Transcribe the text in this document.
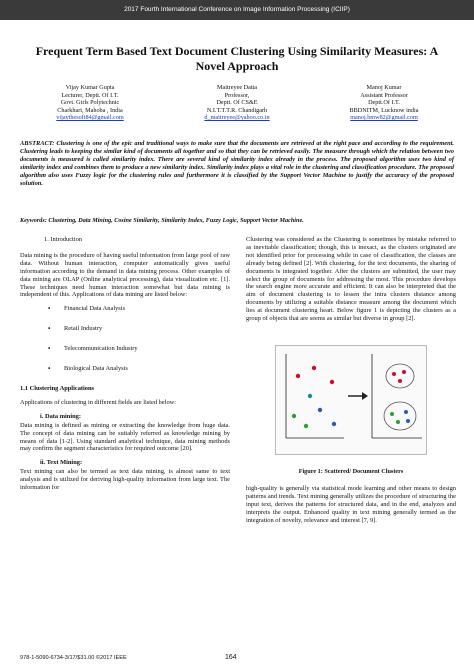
2017 Fourth International Conference on Image Information Processing (ICIIP)
Frequent Term Based Text Document Clustering Using Similarity Measures: A Novel Approach
Vijay Kumar Gupta
Lecturer, Deptt. Of I.T.
Govt. Girls Polytechnic
Charkhari, Mahoba , India
vijaythesoft84@gmail.com
Maitreyee Datta
Professor,
Deptt. Of CS&E
N.I.T.T.T.R. Chandigarh
d_maitreyee@yahoo.co.in
Manoj Kumar
Assistant Professor
Deptt.Of I.T.
BBDNITM, Lucknow india
manoj.bmw82@gmail.com
ABSTRACT: Clustering is one of the epic and traditional ways to make sure that the documents are retrieved at the right pace and according to the requirement. Clustering leads to keeping the similar kind of documents all together and so that they can be retrieved easily. The measure through which the relation between two documents is measured is called similarity index. There are several kind of similarity index already in the process. The proposed algorithm uses two kind of similarity index and combines them to produce a new similarity index. Similarity index plays a vital role in the clustering and classification procedure. The proposed algorithm also uses Fuzzy logic for the clustering rules and furthermore it is classified by the Support Vector Machine to justify the accuracy of the proposed solution.
Keywords: Clustering, Data Mining, Cosine Similarity, Similarity Index, Fuzzy Logic, Support Vector Machine.
1. Introduction

Data mining is the procedure of having useful information from large pool of raw data. Without human interaction, computer automatically gives useful information according to the demand in data mining process. Other examples of data mining are OLAP (Online analytical processing), data visualization etc. [1]. These techniques need human interaction somewhat but data mining is independent of this. Applications of data mining are listed below:

▪ Financial Data Analysis
▪ Retail Industry
▪ Telecommunication Industry
▪ Biological Data Analysis
1.1 Clustering Applications

Applications of clustering in different fields are listed below:

i. Data mining:

Data mining is defined as mining or extracting the knowledge from huge data. The concept of data mining can be suitably referred as knowledge mining by means of data [1-2]. Using standard analytical technique, data mining methods may confirm the segment characteristics for required outcome [20].

ii. Text Mining:

Text mining can also be termed as text data mining, is almost same to text analysis and is utilized for deriving high-quality information from large text. The information for

Clustering was considered as the Clustering is sometimes by mistake referred to as inevitable classification; though, this is inexact, as the clusters originated are not identified prior for processing while in case of classification, the classes are already being defined [2]. With clustering, for the text documents, the sharing of documents is integrated together. After the clusters are submitted, the user may select the group of documents for addressing the most. This procedure develops the search engine more accurate and efficient. It can also be interpreted that the aim of document clustering is to lessen the intra clusters distance among documents by utilizing a suitable distance measure among the document which lies at document clustering heart. Below figure 1 is depicting the clusters as a group of objects that are seems as similar but diverse in group [2].

Figure 1: Scattered/ Document Clusters

high-quality is generally via statistical mode learning and other means to design patterns and trends. Text mining generally utilizes the procedure of structuring the input text, derives the patterns for structured data, and in the end, analyzes and interprets the output. Enhanced quality in text mining generally termed as the integration of novelty, relevance and interest [7, 9].

978-1-5090-6734-3/17/$31.00 ©2017 IEEE	164
